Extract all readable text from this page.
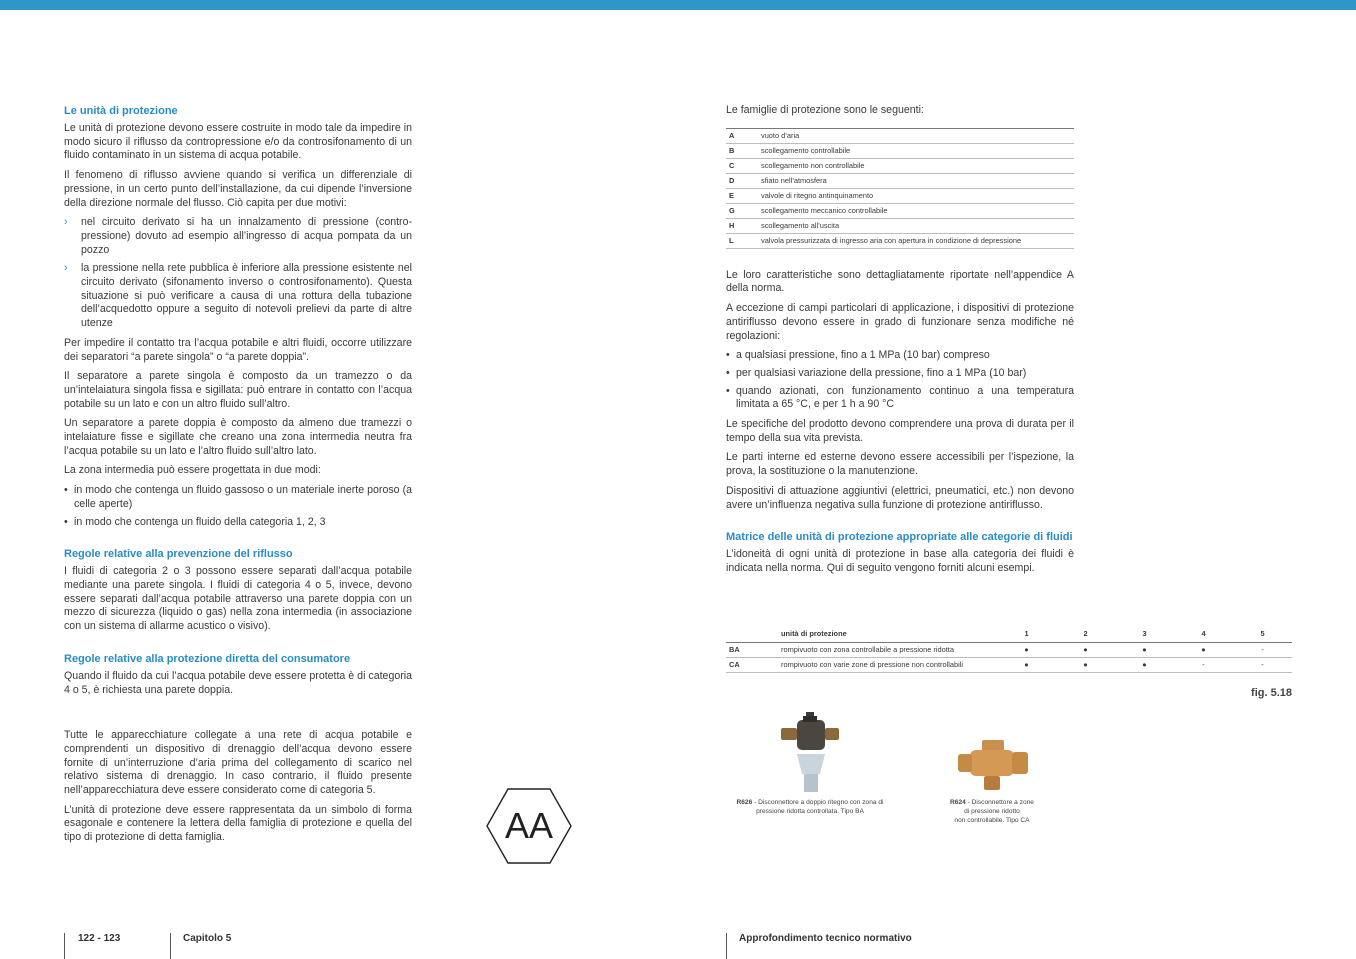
Le unità di protezione

Le unità di protezione devono essere costruite in modo tale da impedire in modo sicuro il riflusso da contropressione e/o da controsifonamento di un fluido contaminato in un sistema di acqua potabile.

Il fenomeno di riflusso avviene quando si verifica un differenziale di pressione, in un certo punto dell’installazione, da cui dipende l’inversione della direzione normale del flusso. Ciò capita per due motivi:

› nel circuito derivato si ha un innalzamento di pressione (contro-pressione) dovuto ad esempio all’ingresso di acqua pompata da un pozzo
› la pressione nella rete pubblica è inferiore alla pressione esistente nel circuito derivato (sifonamento inverso o controsifonamento). Questa situazione si può verificare a causa di una rottura della tubazione dell’acquedotto oppure a seguito di notevoli prelievi da parte di altre utenze

Per impedire il contatto tra l’acqua potabile e altri fluidi, occorre utilizzare dei separatori “a parete singola” o “a parete doppia”.

Il separatore a parete singola è composto da un tramezzo o da un’intelaiatura singola fissa e sigillata: può entrare in contatto con l’acqua potabile su un lato e con un altro fluido sull’altro.

Un separatore a parete doppia è composto da almeno due tramezzi o intelaiature fisse e sigillate che creano una zona intermedia neutra fra l’acqua potabile su un lato e l’altro fluido sull’altro lato.

La zona intermedia può essere progettata in due modi:

• in modo che contenga un fluido gassoso o un materiale inerte poroso (a celle aperte)
• in modo che contenga un fluido della categoria 1, 2, 3
Regole relative alla prevenzione del riflusso

I fluidi di categoria 2 o 3 possono essere separati dall’acqua potabile mediante una parete singola. I fluidi di categoria 4 o 5, invece, devono essere separati dall’acqua potabile attraverso una parete doppia con un mezzo di sicurezza (liquido o gas) nella zona intermedia (in associazione con un sistema di allarme acustico o visivo).

Regole relative alla protezione diretta del consumatore

Quando il fluido da cui l’acqua potabile deve essere protetta è di categoria 4 o 5, è richiesta una parete doppia.

Tutte le apparecchiature collegate a una rete di acqua potabile e comprendenti un dispositivo di drenaggio dell’acqua devono essere fornite di un’interruzione d’aria prima del collegamento di scarico nel relativo sistema di drenaggio. In caso contrario, il fluido presente nell’apparecchiatura deve essere considerato come di categoria 5.

L’unità di protezione deve essere rappresentata da un simbolo di forma esagonale e contenere la lettera della famiglia di protezione e quella del tipo di protezione di detta famiglia.	AA

Le famiglie di protezione sono le seguenti:

A	vuoto d’aria
B	scollegamento controllabile
C	scollegamento non controllabile
D	sfiato nell’atmosfera
E	valvole di ritegno antinquinamento
G	scollegamento meccanico controllabile
H	scollegamento all’uscita
L	valvola pressurizzata di ingresso aria con apertura in condizione di depressione

Le loro caratteristiche sono dettagliatamente riportate nell’appendice A della norma.

A eccezione di campi particolari di applicazione, i dispositivi di protezione antiriflusso devono essere in grado di funzionare senza modifiche né regolazioni:

• a qualsiasi pressione, fino a 1 MPa (10 bar) compreso
• per qualsiasi variazione della pressione, fino a 1 MPa (10 bar)
• quando azionati, con funzionamento continuo a una temperatura limitata a 65 °C, e per 1 h a 90 °C

Le specifiche del prodotto devono comprendere una prova di durata per il tempo della sua vita prevista.

Le parti interne ed esterne devono essere accessibili per l’ispezione, la prova, la sostituzione o la manutenzione.

Dispositivi di attuazione aggiuntivi (elettrici, pneumatici, etc.) non devono avere un’influenza negativa sulla funzione di protezione antiriflusso.

Matrice delle unità di protezione appropriate alle categorie di fluidi

L’idoneità di ogni unità di protezione in base alla categoria dei fluidi è indicata nella norma. Qui di seguito vengono forniti alcuni esempi.

	unità di protezione	1	2	3	4	5
BA	rompivuoto con zona controllabile a pressione ridotta	●	●	●	●	-
CA	rompivuoto con varie zone di pressione non controllabili	●	●	●	-	-
fig. 5.18
R626 - Disconnettore a doppio ritegno con zona di
pressione ridotta controllata. Tipo BA
R624 - Disconnettore a zone
di pressione ridotto
non controllabile. Tipo CA
122 - 123	Capitolo 5	Approfondimento tecnico normativo
